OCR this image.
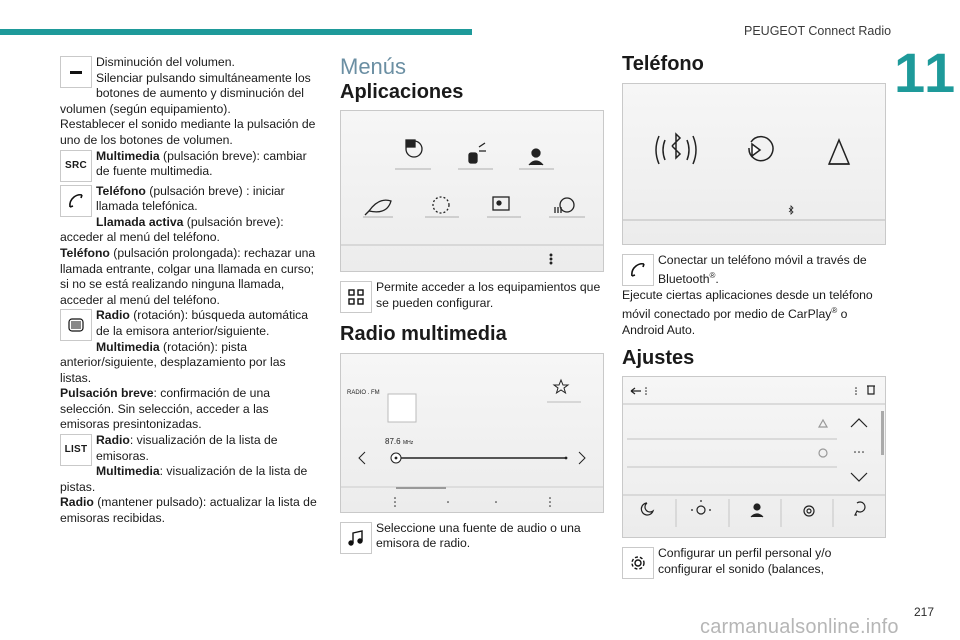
PEUGEOT Connect Radio
11
Disminución del volumen.
Silenciar pulsando simultáneamente los botones de aumento y disminución del volumen (según equipamiento).
Restablecer el sonido mediante la pulsación de uno de los botones de volumen.
SRC
Multimedia (pulsación breve): cambiar de fuente multimedia.
Teléfono (pulsación breve) : iniciar llamada telefónica.
Llamada activa (pulsación breve): acceder al menú del teléfono.
Teléfono (pulsación prolongada): rechazar una llamada entrante, colgar una llamada en curso; si no se está realizando ninguna llamada, acceder al menú del teléfono.
Radio (rotación): búsqueda automática de la emisora anterior/siguiente.
Multimedia (rotación): pista anterior/siguiente, desplazamiento por las listas.
Pulsación breve: confirmación de una selección. Sin selección, acceder a las emisoras presintonizadas.
LIST
Radio: visualización de la lista de emisoras.
Multimedia: visualización de la lista de pistas.
Radio (mantener pulsado): actualizar la lista de emisoras recibidas.
Menús
Aplicaciones
Permite acceder a los equipamientos que se pueden configurar.
Radio multimedia
RADIO . FM
87.6 MHz
Seleccione una fuente de audio o una emisora de radio.
Teléfono
Conectar un teléfono móvil a través de Bluetooth®.
Ejecute ciertas aplicaciones desde un teléfono móvil conectado por medio de CarPlay® o Android Auto.
Ajustes
Configurar un perfil personal y/o configurar el sonido (balances,
217
carmanualsonline.info
